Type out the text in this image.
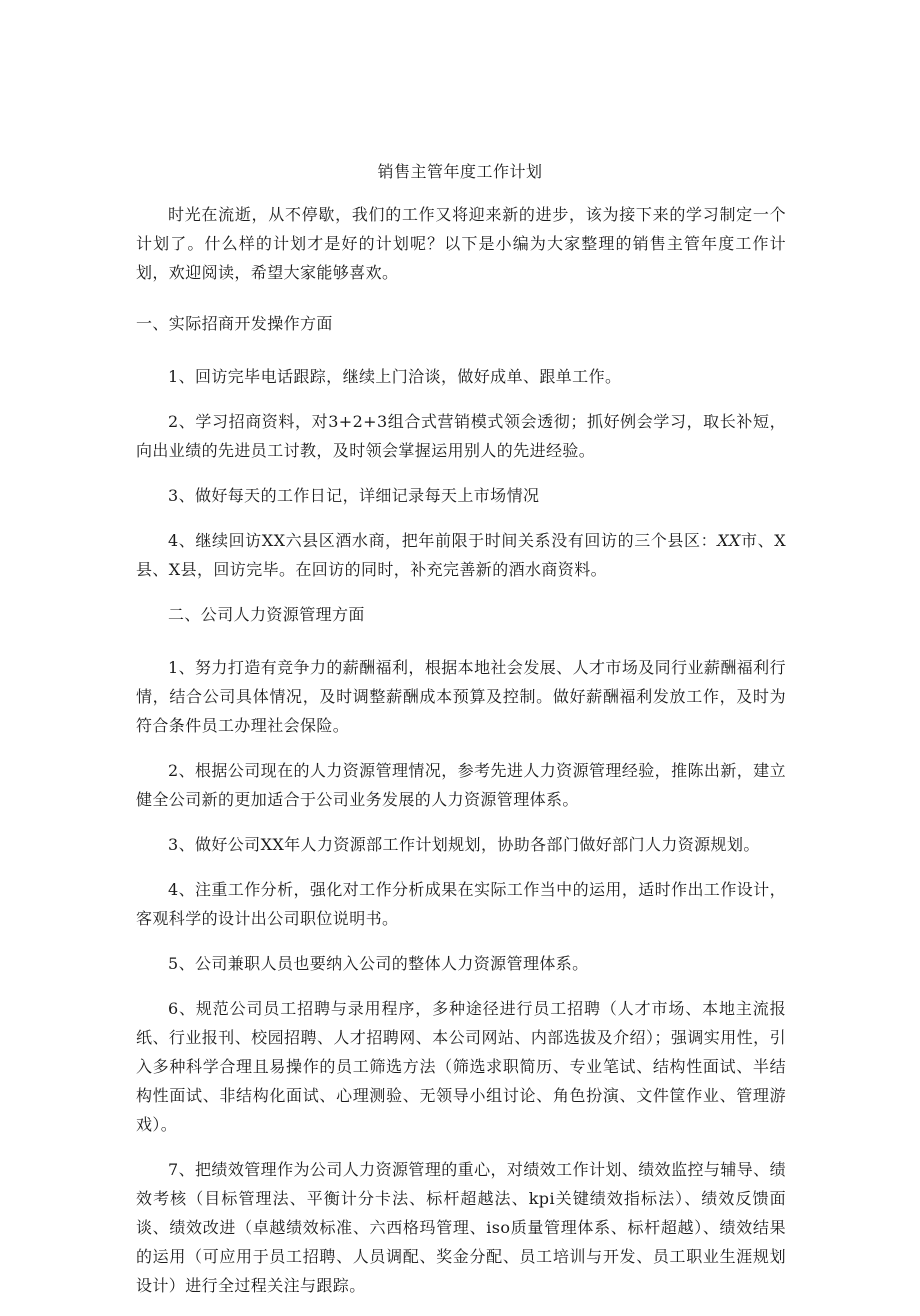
销售主管年度工作计划

时光在流逝，从不停歇，我们的工作又将迎来新的进步，该为接下来的学习制定一个计划了。什么样的计划才是好的计划呢？以下是小编为大家整理的销售主管年度工作计划，欢迎阅读，希望大家能够喜欢。

一、实际招商开发操作方面

1、回访完毕电话跟踪，继续上门洽谈，做好成单、跟单工作。

2、学习招商资料，对3+2+3组合式营销模式领会透彻；抓好例会学习，取长补短，向出业绩的先进员工讨教，及时领会掌握运用别人的先进经验。

3、做好每天的工作日记，详细记录每天上市场情况

4、继续回访XX六县区酒水商，把年前限于时间关系没有回访的三个县区：XX市、X县、X县，回访完毕。在回访的同时，补充完善新的酒水商资料。

二、公司人力资源管理方面

1、努力打造有竞争力的薪酬福利，根据本地社会发展、人才市场及同行业薪酬福利行情，结合公司具体情况，及时调整薪酬成本预算及控制。做好薪酬福利发放工作，及时为符合条件员工办理社会保险。

2、根据公司现在的人力资源管理情况，参考先进人力资源管理经验，推陈出新，建立健全公司新的更加适合于公司业务发展的人力资源管理体系。

3、做好公司XX年人力资源部工作计划规划，协助各部门做好部门人力资源规划。

4、注重工作分析，强化对工作分析成果在实际工作当中的运用，适时作出工作设计，客观科学的设计出公司职位说明书。

5、公司兼职人员也要纳入公司的整体人力资源管理体系。

6、规范公司员工招聘与录用程序，多种途径进行员工招聘（人才市场、本地主流报纸、行业报刊、校园招聘、人才招聘网、本公司网站、内部选拔及介绍）；强调实用性，引入多种科学合理且易操作的员工筛选方法（筛选求职简历、专业笔试、结构性面试、半结构性面试、非结构化面试、心理测验、无领导小组讨论、角色扮演、文件筐作业、管理游戏）。

7、把绩效管理作为公司人力资源管理的重心，对绩效工作计划、绩效监控与辅导、绩效考核（目标管理法、平衡计分卡法、标杆超越法、kpi关键绩效指标法）、绩效反馈面谈、绩效改进（卓越绩效标准、六西格玛管理、iso质量管理体系、标杆超越）、绩效结果的运用（可应用于员工招聘、人员调配、奖金分配、员工培训与开发、员工职业生涯规划设计）进行全过程关注与跟踪。
